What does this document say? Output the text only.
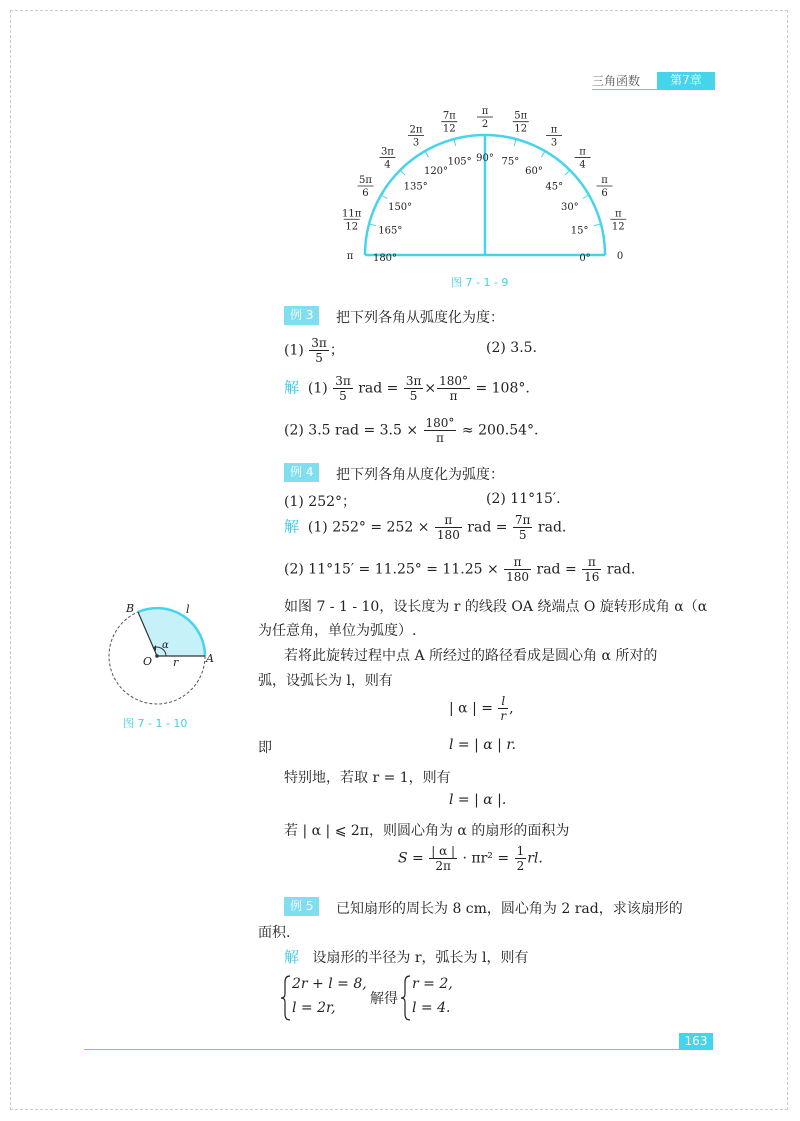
三角函数	第7章
0°	0
15°
π
12
30°
π
6
45°
π
4
60°
π
3
75°
5π
12
90°
π
2
105°
7π
12
120°
2π
3
135°
3π
4
150°
5π
6
165°
11π
12
180°
π
图 7 - 1 - 9
例 3	把下列各角从弧度化为度：
$(1) \frac{3\pi}{5}$ ；	(2) 3.5.
解 $(1) \frac{3\pi}{5}$ rad = $\frac{3\pi}{5} \times \frac{180^\circ}{\pi} = 108^\circ$.
(2) 3.5 rad = $3.5 \times \frac{180^\circ}{\pi} \approx 200.54^\circ$.
例 4	把下列各角从度化为弧度：
(1) 252°；	(2) 11°15′.
解 (1) $252^\circ = 252 \times \frac{\pi}{180}$ rad = $\frac{7\pi}{5}$ rad.
(2) $11^\circ 15' = 11.25^\circ = 11.25 \times \frac{\pi}{180}$ rad = $\frac{\pi}{16}$ rad.
B	l
α
O r	A
图 7 - 1 - 10
如图 7 - 1 - 10，设长度为 r 的线段 OA 绕端点 O 旋转形成角 α（α
为任意角，单位为弧度）.
若将此旋转过程中点 A 所经过的路径看成是圆心角 α 所对的
弧，设弧长为 l，则有
| α | = $\frac{l}{r}$ ,
即	l = | α | r.
特别地，若取 r = 1，则有
l = | α |.
若 | α | ⩽ 2π，则圆心角为 α 的扇形的面积为
$S = \frac{| \alpha |}{2\pi} \cdot \pi r^2 = \frac{1}{2}$ rl.
例 5	已知扇形的周长为 8 cm，圆心角为 2 rad，求该扇形的
面积.
解 设扇形的半径为 r，弧长为 l，则有
2r + l = 8,
l = 2r,
解得
r = 2,
l = 4.
163
